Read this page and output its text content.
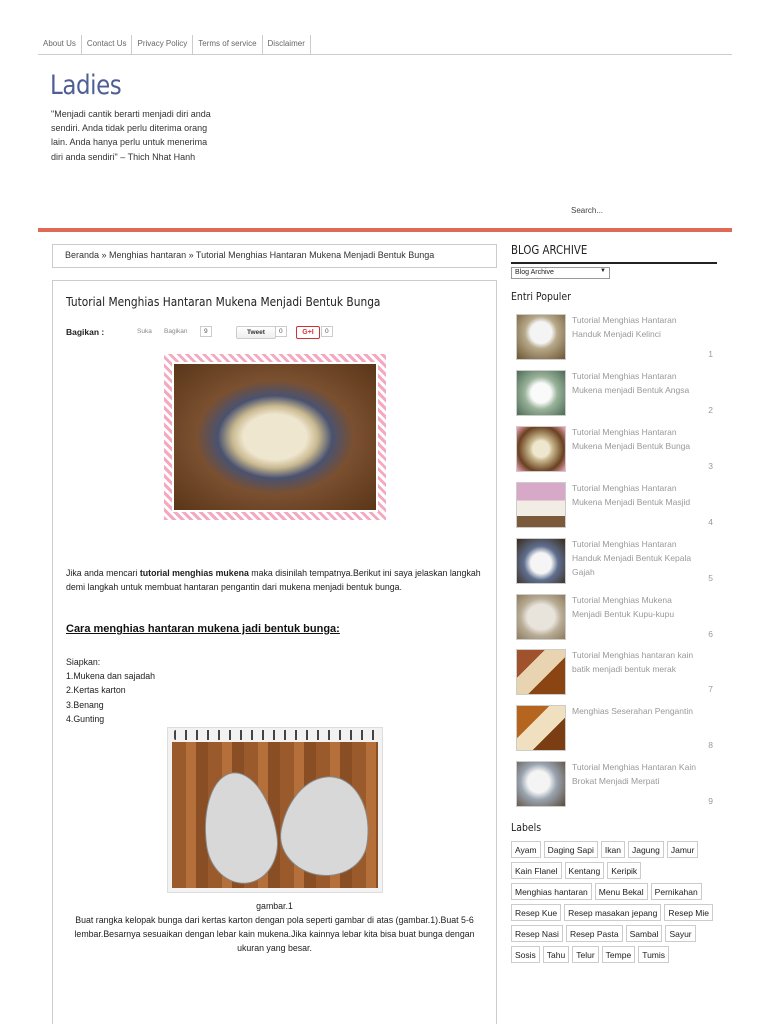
About Us	Contact Us	Privacy Policy	Terms of service	Disclaimer
Ladies
"Menjadi cantik berarti menjadi diri anda sendiri. Anda tidak perlu diterima orang lain. Anda hanya perlu untuk menerima diri anda sendiri" – Thich Nhat Hanh
Search...
Beranda » Menghias hantaran » Tutorial Menghias Hantaran Mukena Menjadi Bentuk Bunga
Tutorial Menghias Hantaran Mukena Menjadi Bentuk Bunga
Bagikan :	Suka Bagikan	9	Tweet	0	G+I	0
Jika anda mencari tutorial menghias mukena maka disinilah tempatnya.Berikut ini saya jelaskan langkah demi langkah untuk membuat hantaran pengantin dari mukena menjadi bentuk bunga.
Cara menghias hantaran mukena jadi bentuk bunga:
Siapkan:
1.Mukena dan sajadah
2.Kertas karton
3.Benang
4.Gunting
gambar.1
Buat rangka kelopak bunga dari kertas karton dengan pola seperti gambar di atas (gambar.1).Buat 5-6 lembar.Besarnya sesuaikan dengan lebar kain mukena.Jika kainnya lebar kita bisa buat bunga dengan ukuran yang besar.
BLOG ARCHIVE
Blog Archive	▼
Entri Populer
Tutorial Menghias Hantaran Handuk Menjadi Kelinci
1
Tutorial Menghias Hantaran Mukena menjadi Bentuk Angsa
2
Tutorial Menghias Hantaran Mukena Menjadi Bentuk Bunga
3
Tutorial Menghias Hantaran Mukena Menjadi Bentuk Masjid
4
Tutorial Menghias Hantaran Handuk Menjadi Bentuk Kepala Gajah
5
Tutorial Menghias Mukena Menjadi Bentuk Kupu-kupu
6
Tutorial Menghias hantaran kain batik menjadi bentuk merak
7
Menghias Seserahan Pengantin
8
Tutorial Menghias Hantaran Kain Brokat Menjadi Merpati
9
Labels
Ayam	Daging Sapi	Ikan	Jagung	Jamur
Kain Flanel	Kentang	Keripik
Menghias hantaran	Menu Bekal	Pernikahan
Resep Kue	Resep masakan jepang	Resep Mie
Resep Nasi	Resep Pasta	Sambal	Sayur
Sosis	Tahu	Telur	Tempe	Tumis
